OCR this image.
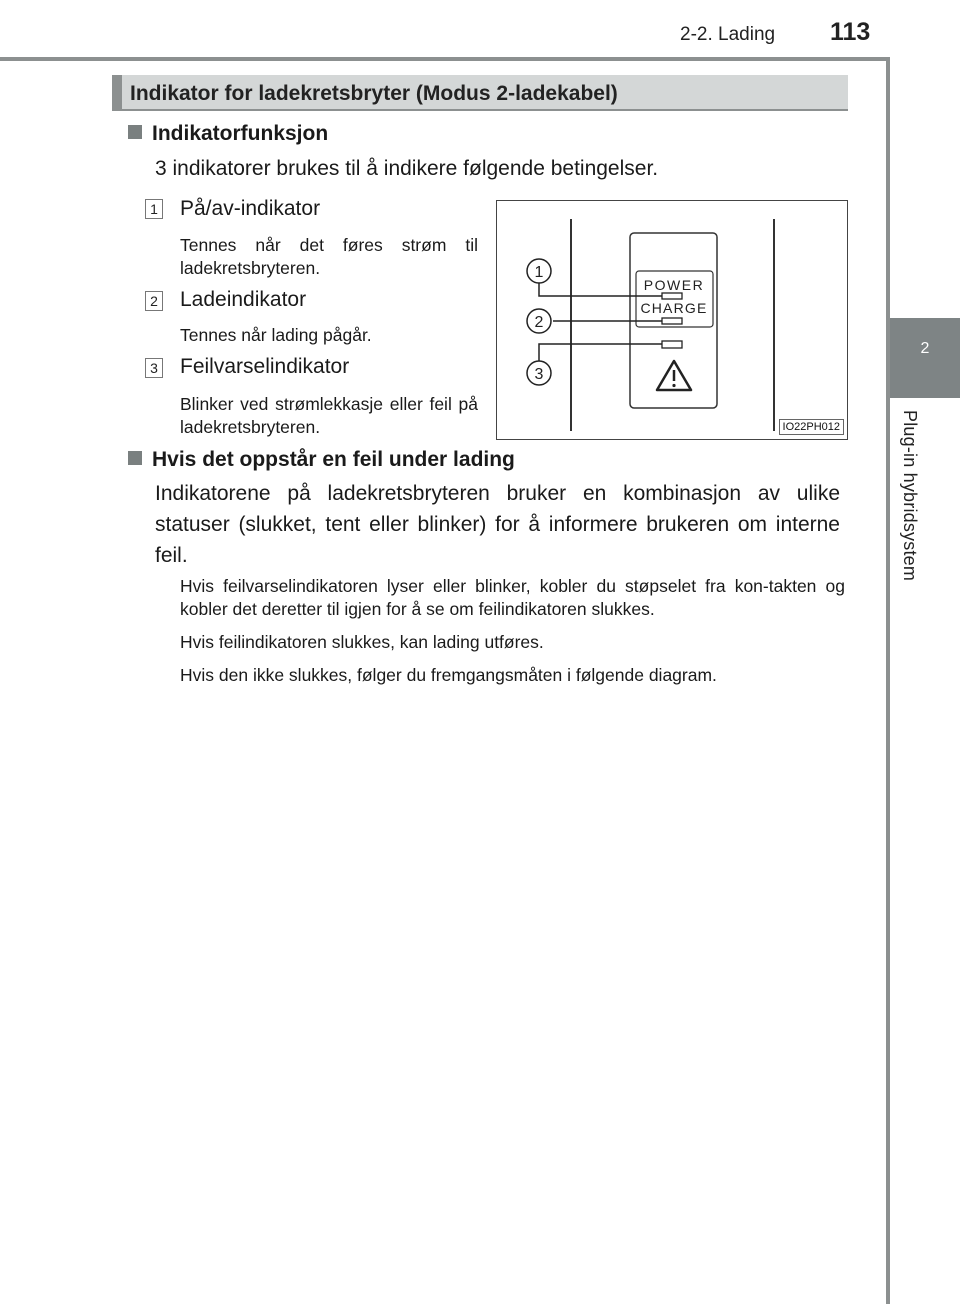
2-2. Lading 113
2
Plug-in hybridsystem
Indikator for ladekretsbryter (Modus 2-ladekabel)
Indikatorfunksjon
3 indikatorer brukes til å indikere følgende betingelser.
1 På/av-indikator
Tennes når det føres strøm til ladekretsbryteren.
2 Ladeindikator
Tennes når lading pågår.
3 Feilvarselindikator
Blinker ved strømlekkasje eller feil på ladekretsbryteren.
POWER
CHARGE
1
2
3
IO22PH012
Hvis det oppstår en feil under lading
Indikatorene på ladekretsbryteren bruker en kombinasjon av ulike statuser (slukket, tent eller blinker) for å informere brukeren om interne feil.
Hvis feilvarselindikatoren lyser eller blinker, kobler du støpselet fra kon-takten og kobler det deretter til igjen for å se om feilindikatoren slukkes.
Hvis feilindikatoren slukkes, kan lading utføres.
Hvis den ikke slukkes, følger du fremgangsmåten i følgende diagram.
